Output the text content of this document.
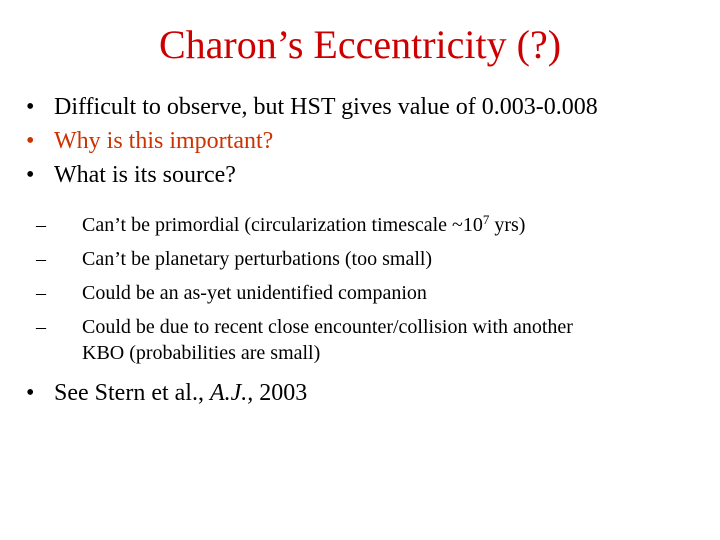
Charon’s Eccentricity (?)
• Difficult to observe, but HST gives value of 0.003-0.008
• Why is this important?
• What is its source?
– Can’t be primordial (circularization timescale $\sim 10^7$ yrs)
– Can’t be planetary perturbations (too small)
– Could be an as-yet unidentified companion
– Could be due to recent close encounter/collision with another
KBO (probabilities are small)
• See Stern et al., A.J., 2003
